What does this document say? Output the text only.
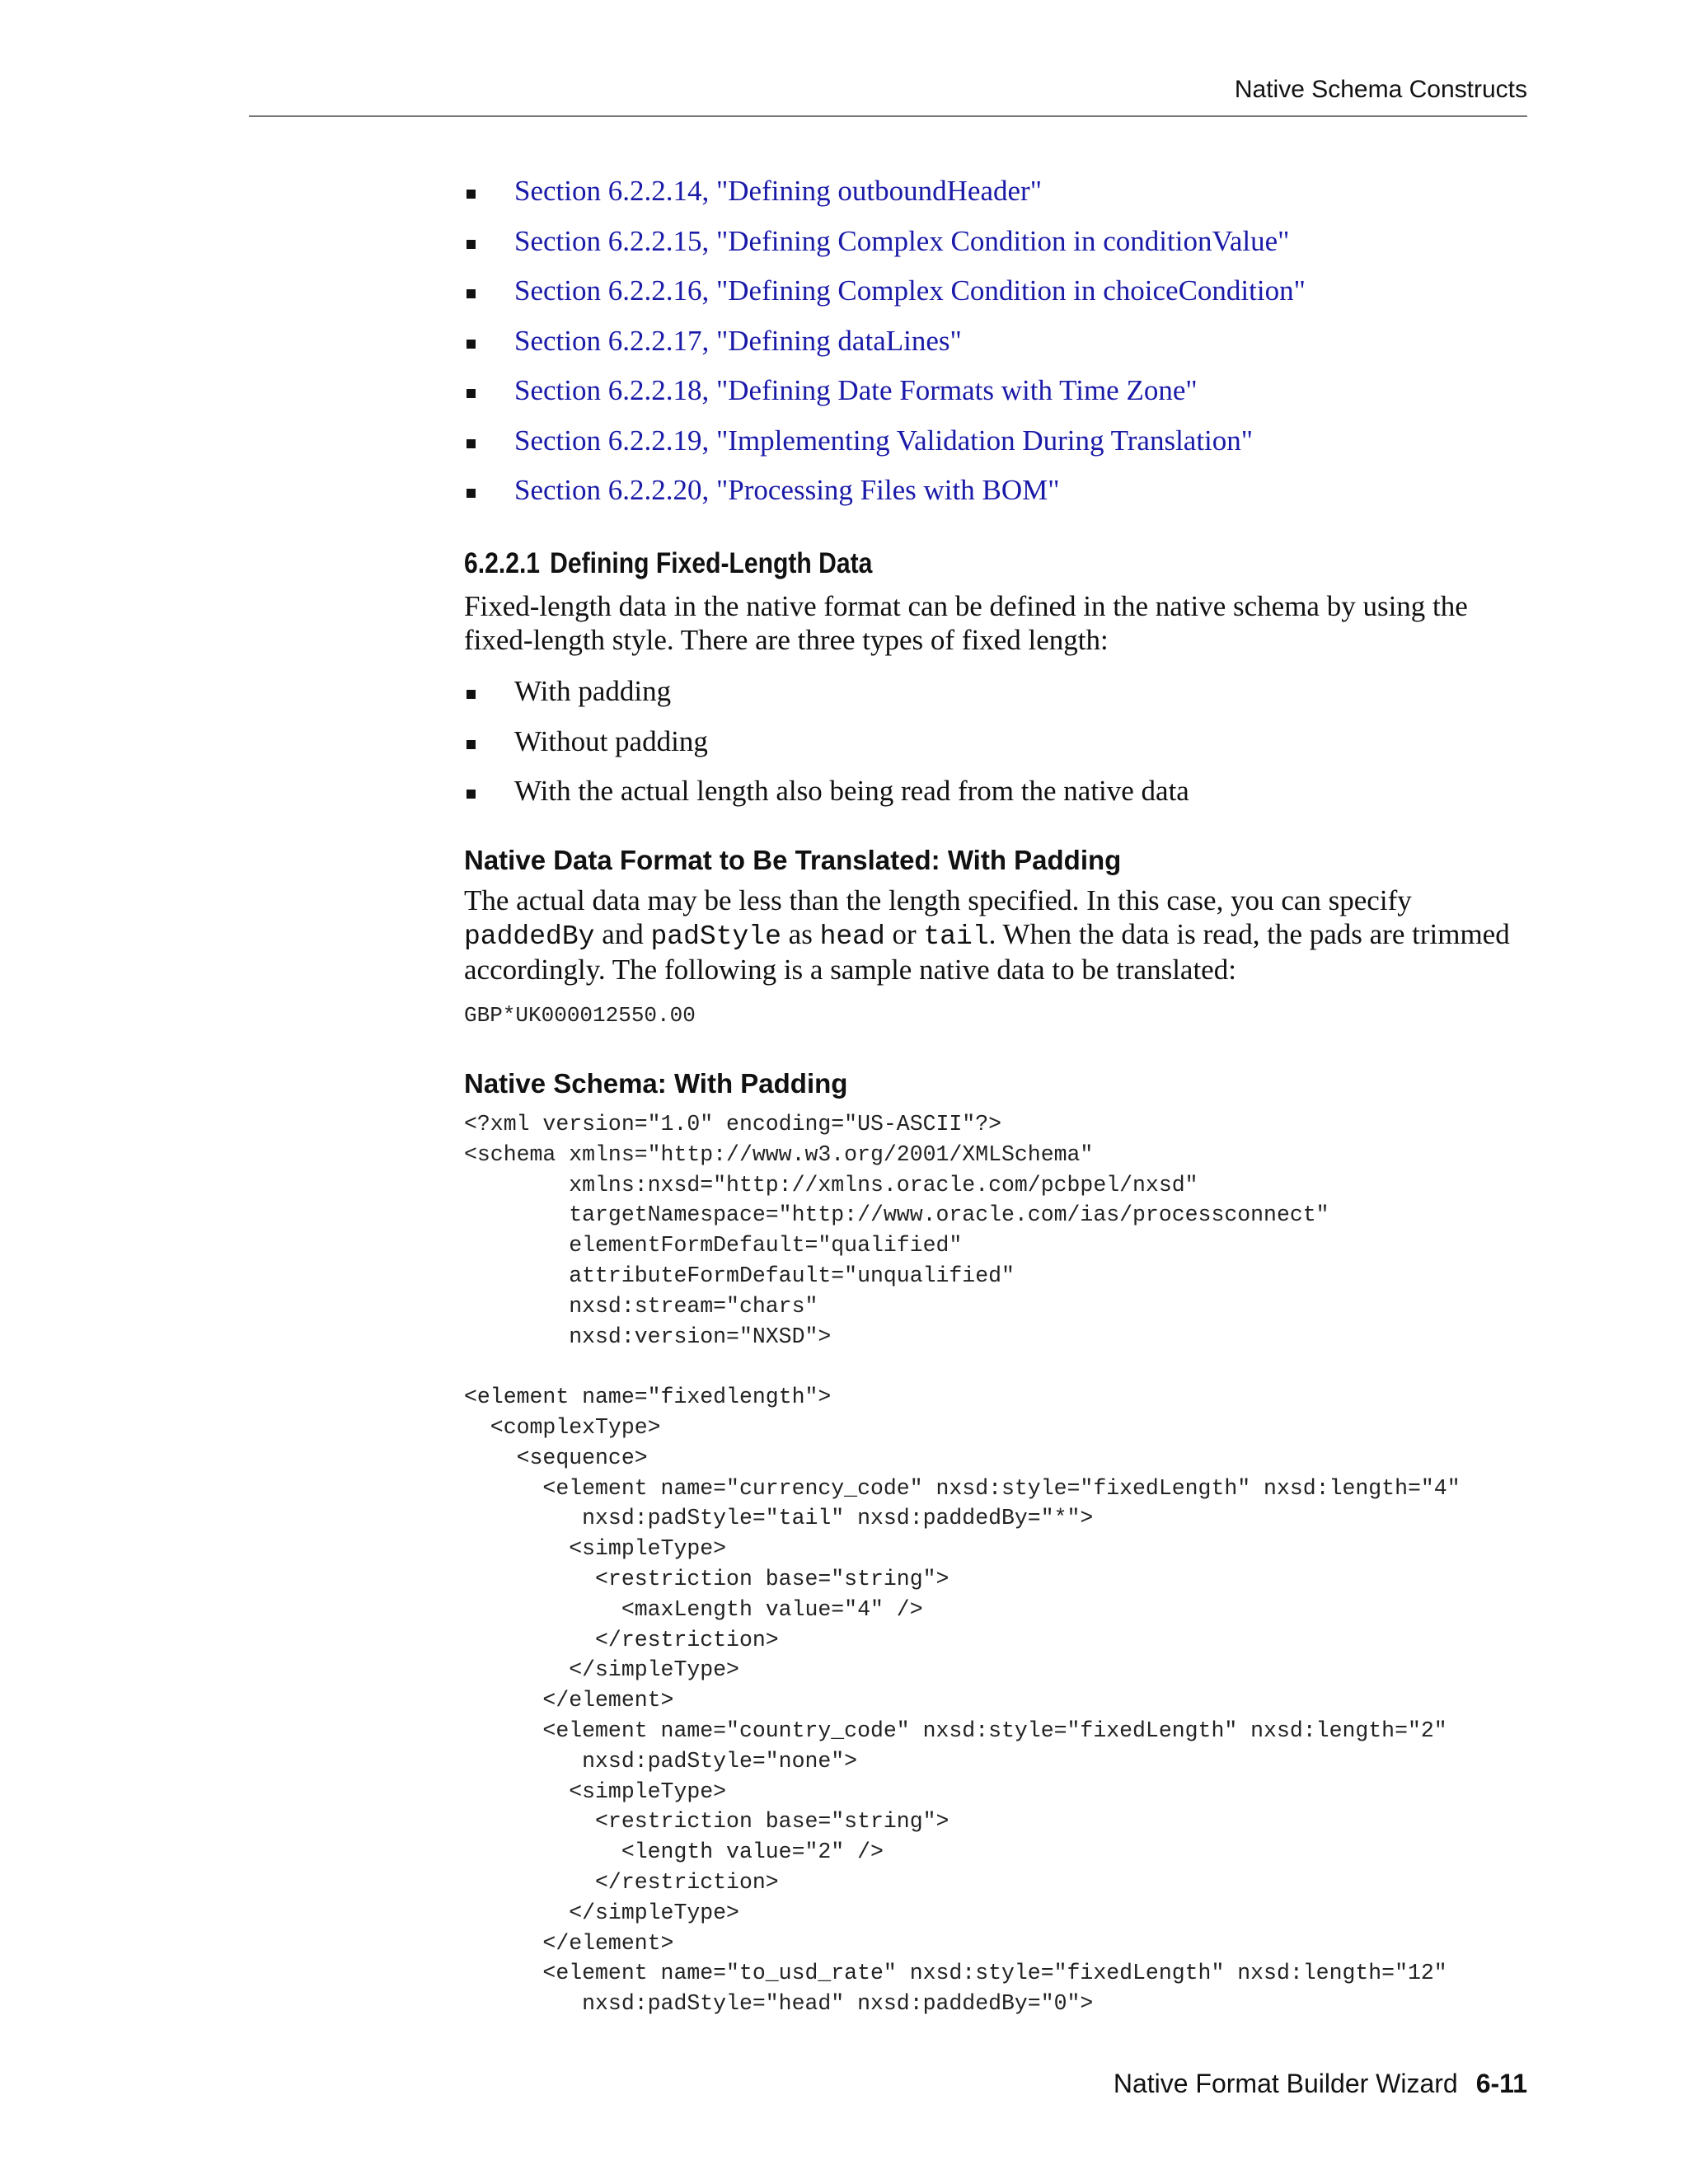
Native Schema Constructs
Section 6.2.2.14, "Defining outboundHeader"
Section 6.2.2.15, "Defining Complex Condition in conditionValue"
Section 6.2.2.16, "Defining Complex Condition in choiceCondition"
Section 6.2.2.17, "Defining dataLines"
Section 6.2.2.18, "Defining Date Formats with Time Zone"
Section 6.2.2.19, "Implementing Validation During Translation"
Section 6.2.2.20, "Processing Files with BOM"
6.2.2.1 Defining Fixed-Length Data
Fixed-length data in the native format can be defined in the native schema by using the fixed-length style. There are three types of fixed length:
With padding
Without padding
With the actual length also being read from the native data
Native Data Format to Be Translated: With Padding
The actual data may be less than the length specified. In this case, you can specify paddedBy and padStyle as head or tail. When the data is read, the pads are trimmed accordingly. The following is a sample native data to be translated:
GBP*UK000012550.00
Native Schema: With Padding
<?xml version="1.0" encoding="US-ASCII"?>
<schema xmlns="http://www.w3.org/2001/XMLSchema"
xmlns:nxsd="http://xmlns.oracle.com/pcbpel/nxsd"
targetNamespace="http://www.oracle.com/ias/processconnect"
elementFormDefault="qualified"
attributeFormDefault="unqualified"
nxsd:stream="chars"
nxsd:version="NXSD">

<element name="fixedlength">
<complexType>
<sequence>
<element name="currency_code" nxsd:style="fixedLength" nxsd:length="4"
nxsd:padStyle="tail" nxsd:paddedBy="*">
<simpleType>
<restriction base="string">
<maxLength value="4" />
</restriction>
</simpleType>
</element>
<element name="country_code" nxsd:style="fixedLength" nxsd:length="2"
nxsd:padStyle="none">
<simpleType>
<restriction base="string">
<length value="2" />
</restriction>
</simpleType>
</element>
<element name="to_usd_rate" nxsd:style="fixedLength" nxsd:length="12"
nxsd:padStyle="head" nxsd:paddedBy="0">
Native Format Builder Wizard 6-11
